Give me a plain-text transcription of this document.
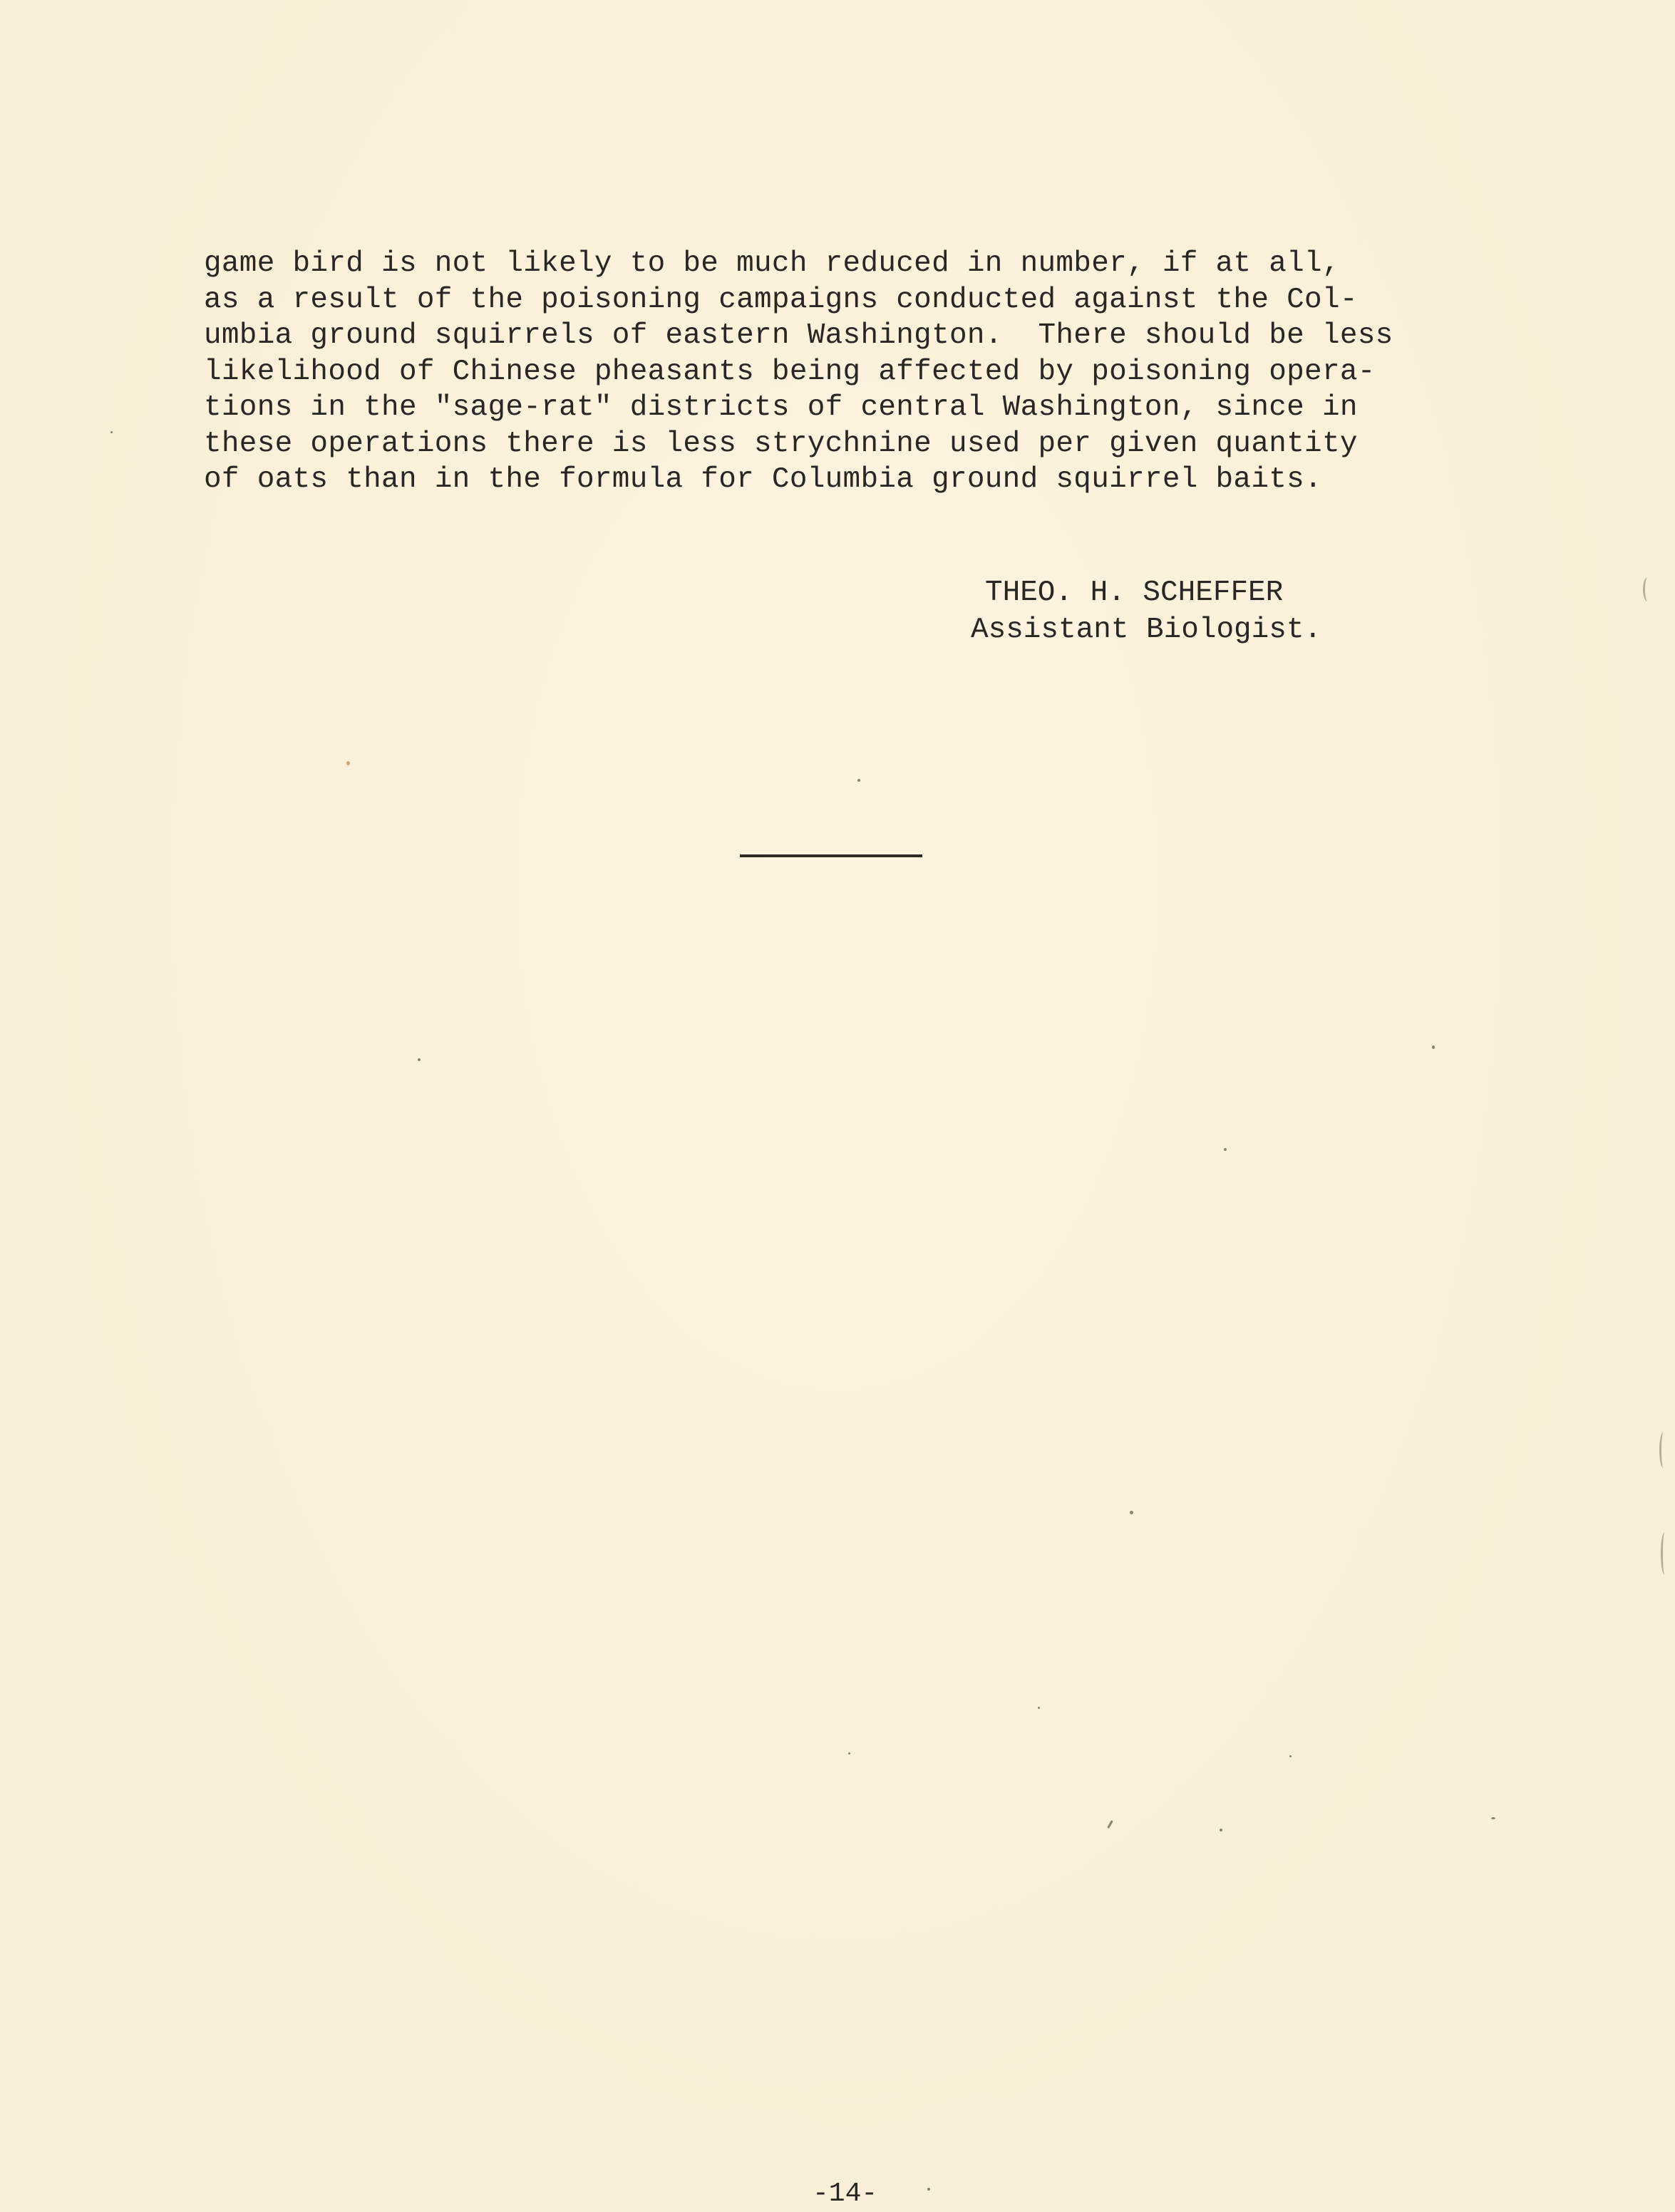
game bird is not likely to be much reduced in number, if at all,
as a result of the poisoning campaigns conducted against the Col-
umbia ground squirrels of eastern Washington.  There should be less
likelihood of Chinese pheasants being affected by poisoning opera-
tions in the "sage-rat" districts of central Washington, since in
these operations there is less strychnine used per given quantity
of oats than in the formula for Columbia ground squirrel baits.
THEO. H. SCHEFFER
Assistant Biologist.
-14-
